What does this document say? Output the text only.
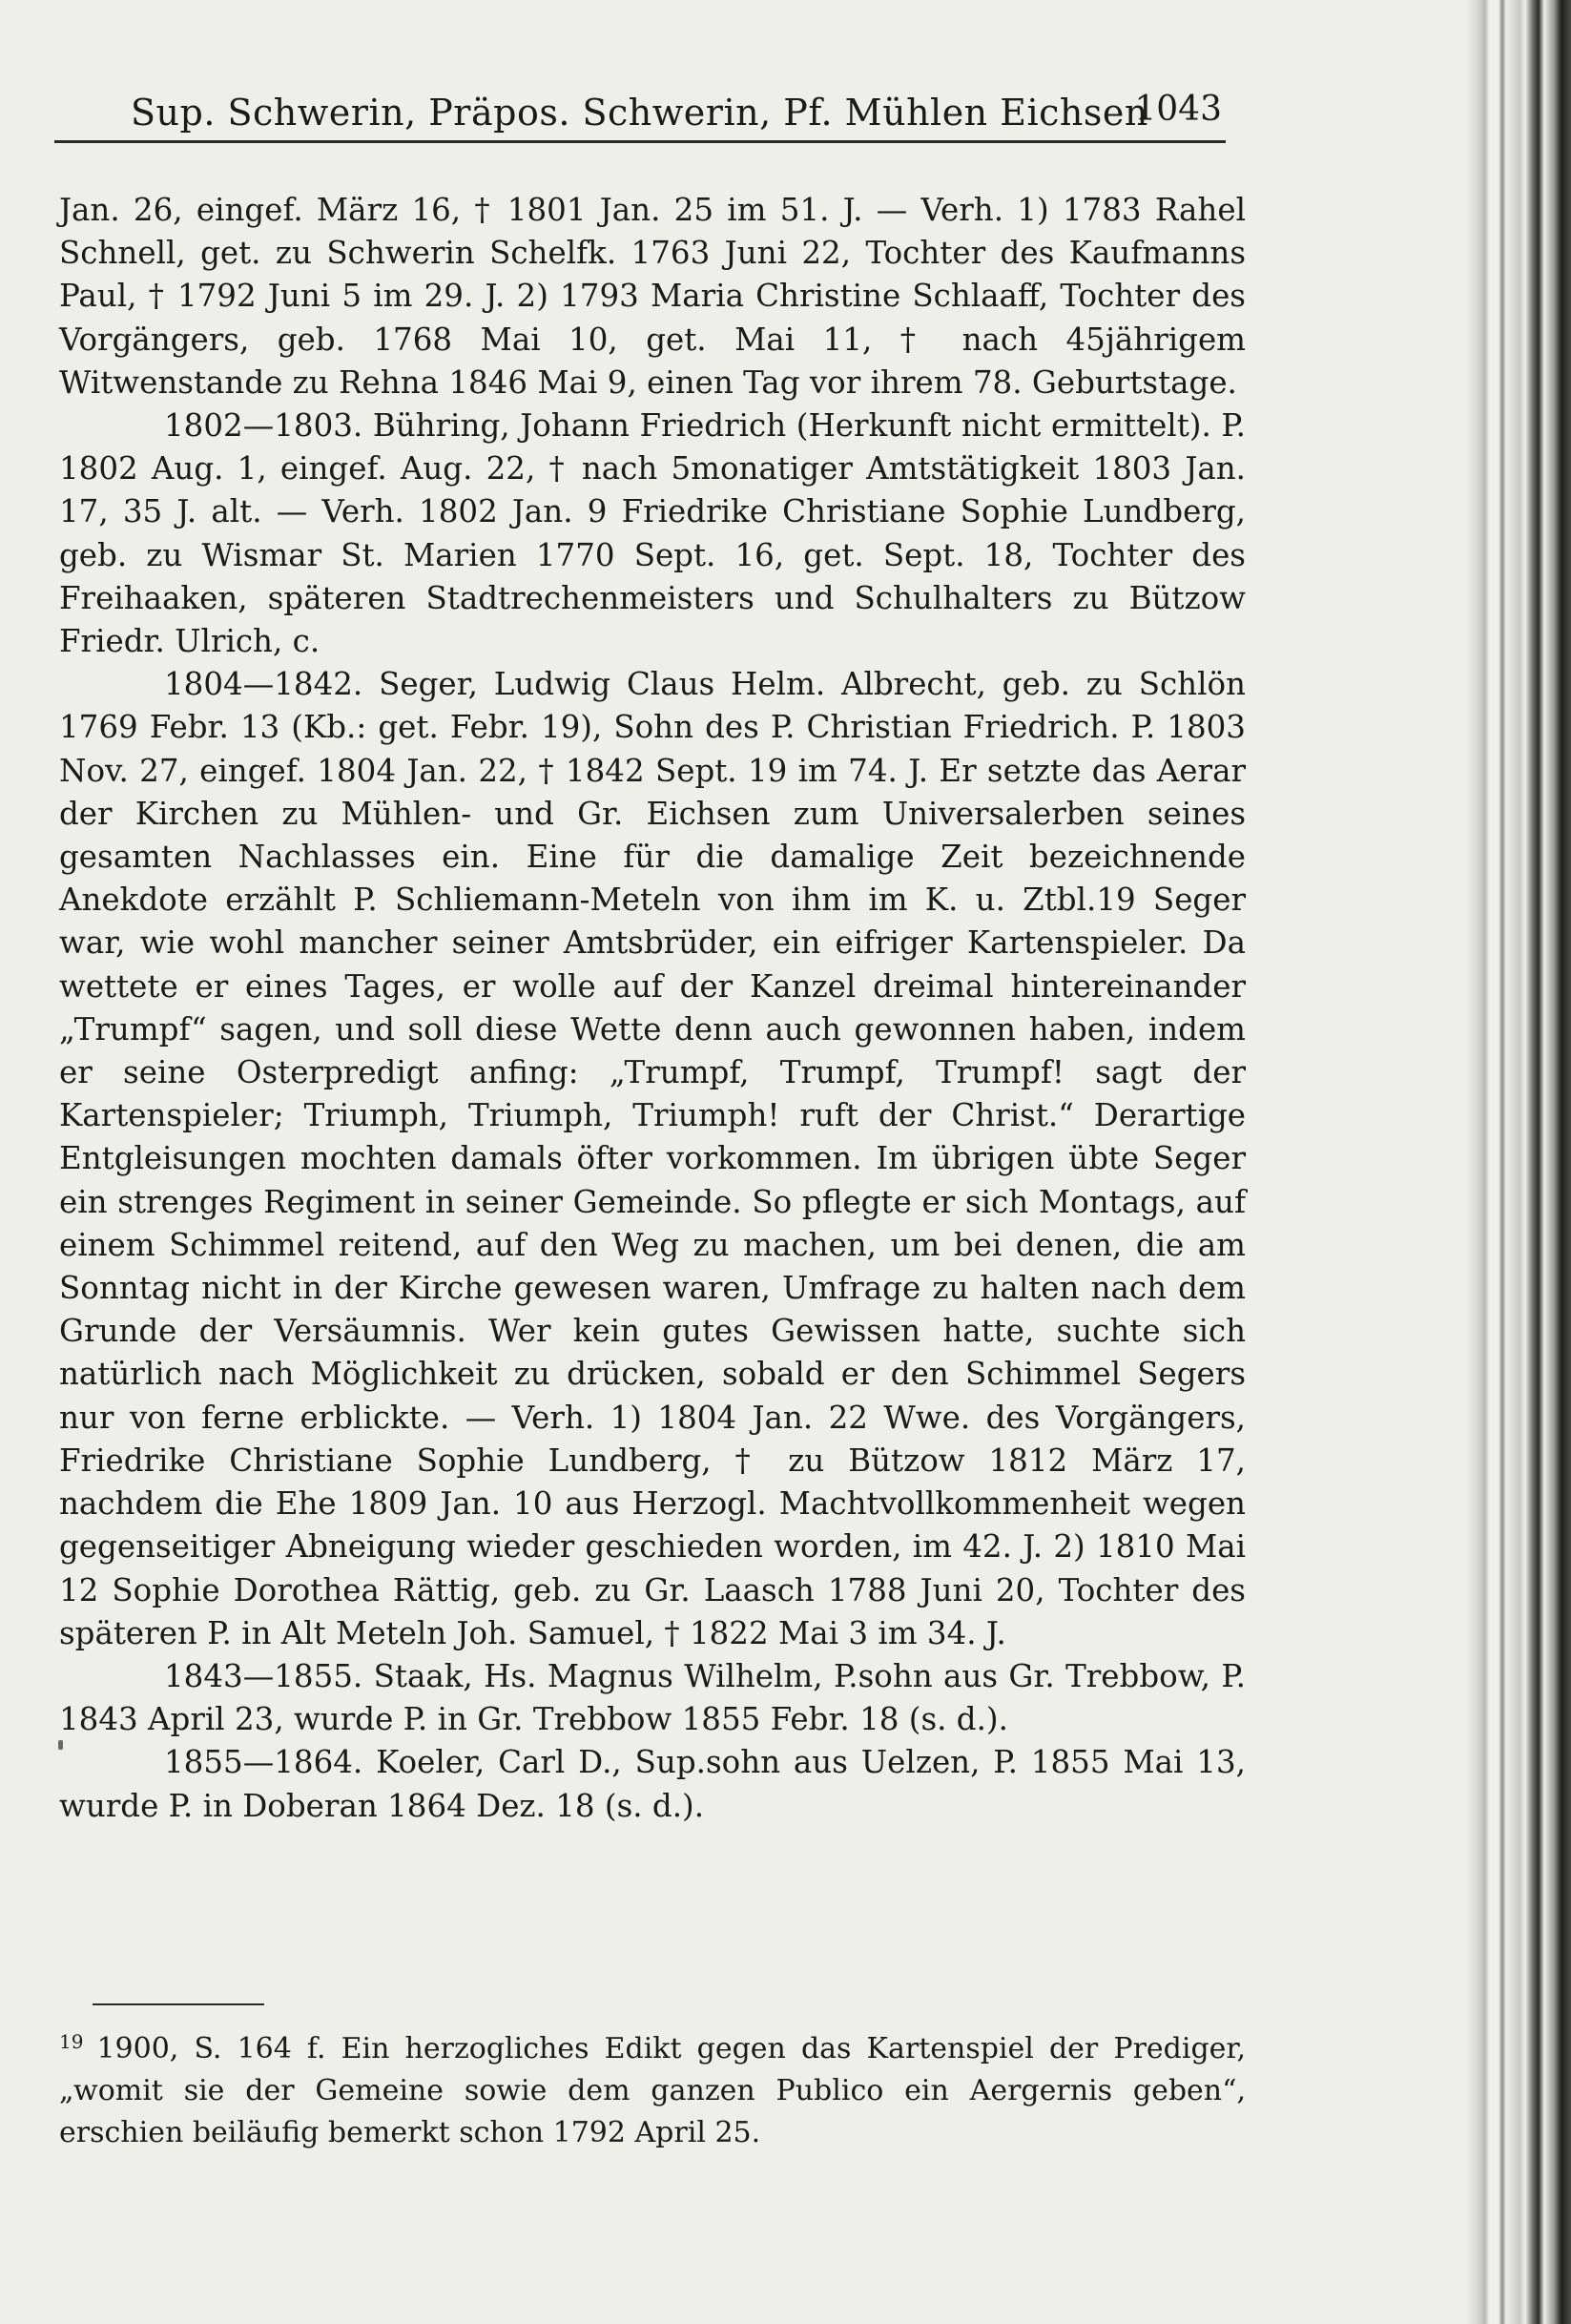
Sup. Schwerin, Präpos. Schwerin, Pf. Mühlen Eichsen
1043

Jan. 26, eingef. März 16, † 1801 Jan. 25 im 51. J. — Verh. 1) 1783 Rahel Schnell, get. zu Schwerin Schelfk. 1763 Juni 22, Tochter des Kaufmanns Paul, † 1792 Juni 5 im 29. J. 2) 1793 Maria Christine Schlaaff, Tochter des Vorgängers, geb. 1768 Mai 10, get. Mai 11, † nach 45jährigem Witwenstande zu Rehna 1846 Mai 9, einen Tag vor ihrem 78. Geburtstage.

1802—1803. Bühring, Johann Friedrich (Herkunft nicht ermittelt). P. 1802 Aug. 1, eingef. Aug. 22, † nach 5monatiger Amtstätigkeit 1803 Jan. 17, 35 J. alt. — Verh. 1802 Jan. 9 Friedrike Christiane Sophie Lundberg, geb. zu Wismar St. Marien 1770 Sept. 16, get. Sept. 18, Tochter des Freihaaken, späteren Stadtrechenmeisters und Schulhalters zu Bützow Friedr. Ulrich, c.

1804—1842. Seger, Ludwig Claus Helm. Albrecht, geb. zu Schlön 1769 Febr. 13 (Kb.: get. Febr. 19), Sohn des P. Christian Friedrich. P. 1803 Nov. 27, eingef. 1804 Jan. 22, † 1842 Sept. 19 im 74. J. Er setzte das Aerar der Kirchen zu Mühlen- und Gr. Eichsen zum Universalerben seines gesamten Nachlasses ein. Eine für die damalige Zeit bezeichnende Anekdote erzählt P. Schliemann-Meteln von ihm im K. u. Ztbl.19 Seger war, wie wohl mancher seiner Amtsbrüder, ein eifriger Kartenspieler. Da wettete er eines Tages, er wolle auf der Kanzel dreimal hintereinander „Trumpf“ sagen, und soll diese Wette denn auch gewonnen haben, indem er seine Osterpredigt anfing: „Trumpf, Trumpf, Trumpf! sagt der Kartenspieler; Triumph, Triumph, Triumph! ruft der Christ.“ Derartige Entgleisungen mochten damals öfter vorkommen. Im übrigen übte Seger ein strenges Regiment in seiner Gemeinde. So pflegte er sich Montags, auf einem Schimmel reitend, auf den Weg zu machen, um bei denen, die am Sonntag nicht in der Kirche gewesen waren, Umfrage zu halten nach dem Grunde der Versäumnis. Wer kein gutes Gewissen hatte, suchte sich natürlich nach Möglichkeit zu drücken, sobald er den Schimmel Segers nur von ferne erblickte. — Verh. 1) 1804 Jan. 22 Wwe. des Vorgängers, Friedrike Christiane Sophie Lundberg, † zu Bützow 1812 März 17, nachdem die Ehe 1809 Jan. 10 aus Herzogl. Machtvollkommenheit wegen gegenseitiger Abneigung wieder geschieden worden, im 42. J. 2) 1810 Mai 12 Sophie Dorothea Rättig, geb. zu Gr. Laasch 1788 Juni 20, Tochter des späteren P. in Alt Meteln Joh. Samuel, † 1822 Mai 3 im 34. J.

1843—1855. Staak, Hs. Magnus Wilhelm, P.sohn aus Gr. Trebbow, P. 1843 April 23, wurde P. in Gr. Trebbow 1855 Febr. 18 (s. d.).

1855—1864. Koeler, Carl D., Sup.sohn aus Uelzen, P. 1855 Mai 13, wurde P. in Doberan 1864 Dez. 18 (s. d.).

$^{19}$ 1900, S. 164 f. Ein herzogliches Edikt gegen das Kartenspiel der Prediger, „womit sie der Gemeine sowie dem ganzen Publico ein Aergernis geben“, erschien beiläufig bemerkt schon 1792 April 25.
